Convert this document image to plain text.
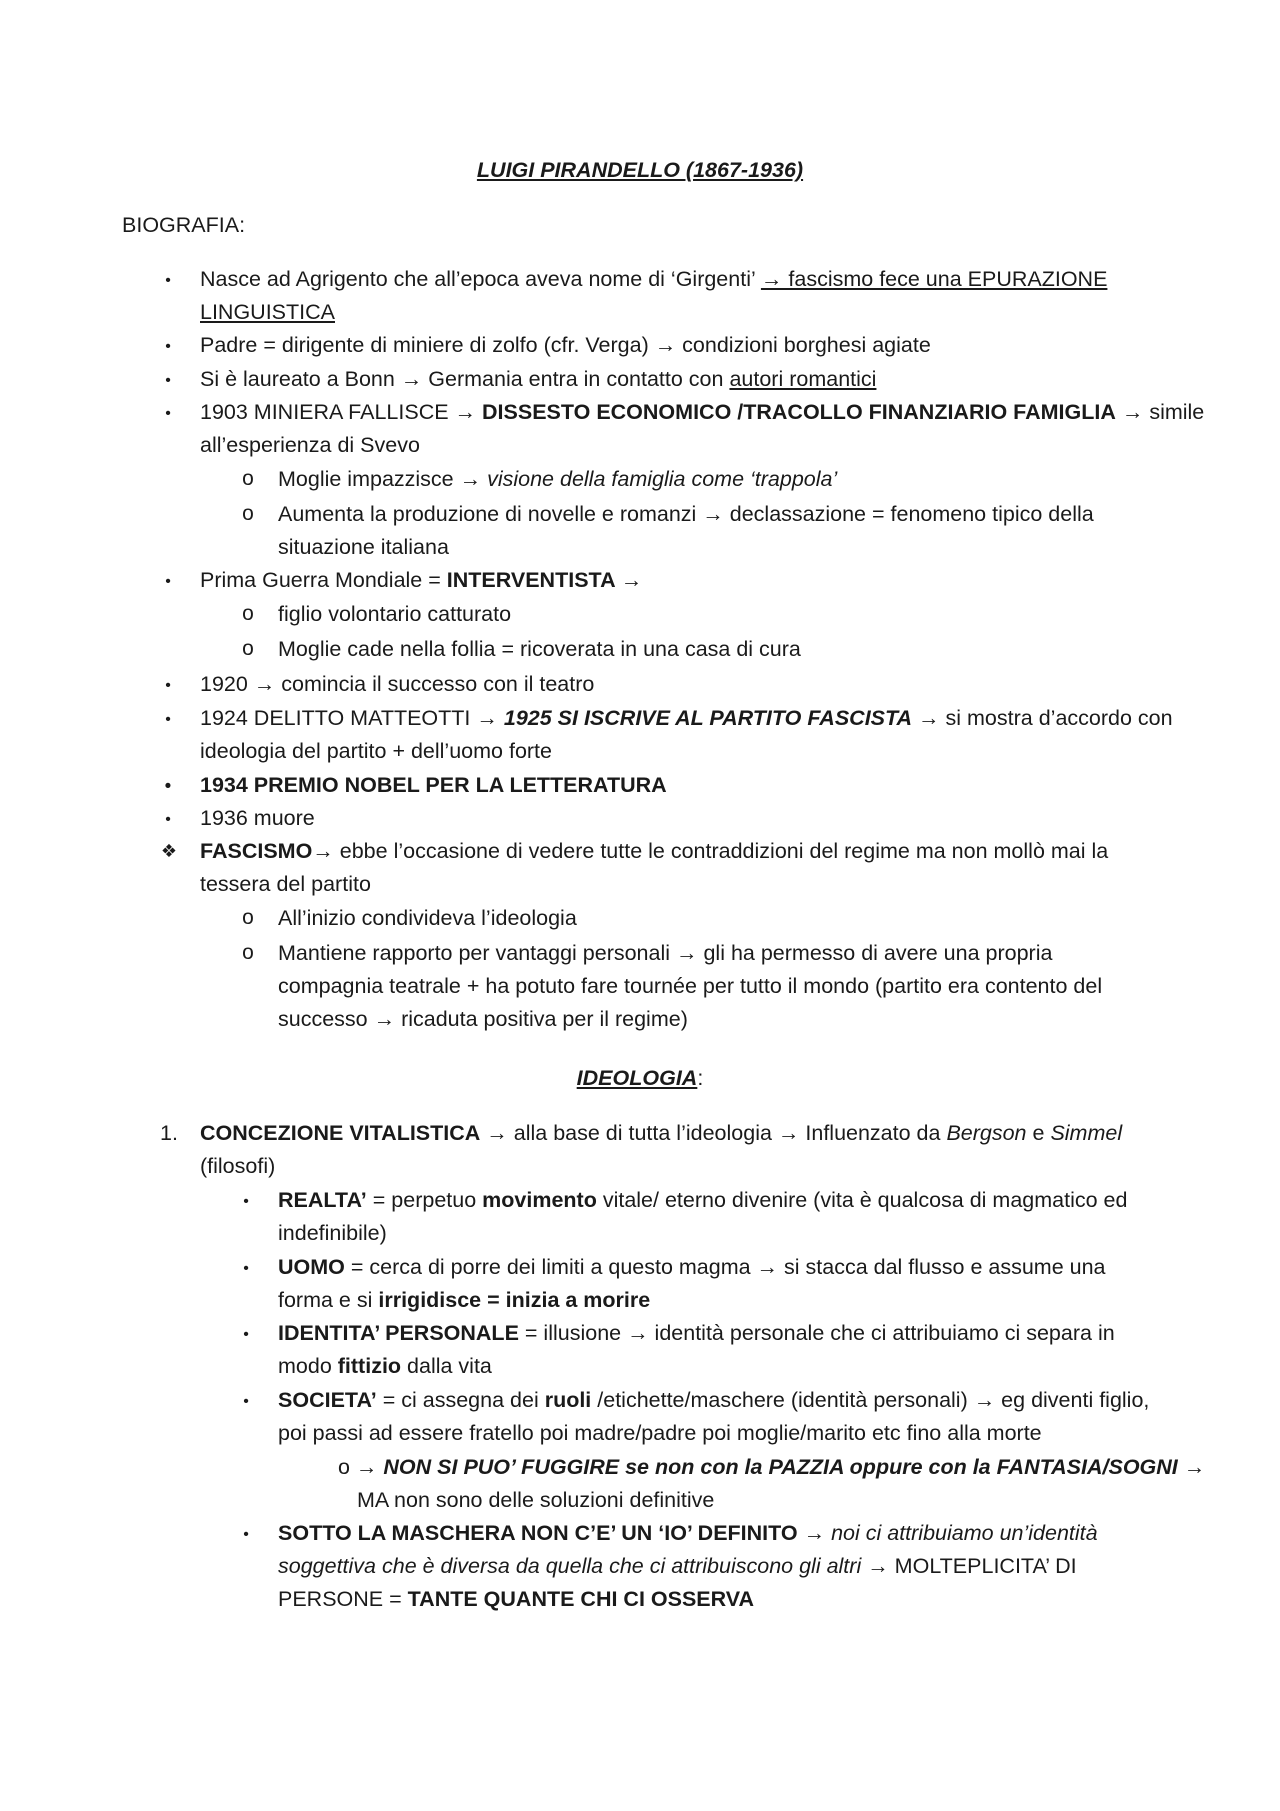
LUIGI PIRANDELLO (1867-1936)
BIOGRAFIA:
•	Nasce ad Agrigento che all’epoca aveva nome di ‘Girgenti’ → fascismo fece una EPURAZIONE
LINGUISTICA
•	Padre = dirigente di miniere di zolfo (cfr. Verga) → condizioni borghesi agiate
•	Si è laureato a Bonn → Germania entra in contatto con autori romantici
•	1903 MINIERA FALLISCE → DISSESTO ECONOMICO /TRACOLLO FINANZIARIO FAMIGLIA → simile
all’esperienza di Svevo
o Moglie impazzisce → visione della famiglia come ‘trappola’
o Aumenta la produzione di novelle e romanzi → declassazione = fenomeno tipico della
situazione italiana
•	Prima Guerra Mondiale = INTERVENTISTA →
o figlio volontario catturato
o Moglie cade nella follia = ricoverata in una casa di cura
•	1920 → comincia il successo con il teatro
•	1924 DELITTO MATTEOTTI → 1925 SI ISCRIVE AL PARTITO FASCISTA → si mostra d’accordo con
ideologia del partito + dell’uomo forte
•	1934 PREMIO NOBEL PER LA LETTERATURA
•	1936 muore
❖ FASCISMO→ ebbe l’occasione di vedere tutte le contraddizioni del regime ma non mollò mai la
tessera del partito
o All’inizio condivideva l’ideologia
o Mantiene rapporto per vantaggi personali → gli ha permesso di avere una propria
compagnia teatrale + ha potuto fare tournée per tutto il mondo (partito era contento del
successo → ricaduta positiva per il regime)
IDEOLOGIA:
1. CONCEZIONE VITALISTICA → alla base di tutta l’ideologia → Influenzato da Bergson e Simmel
(filosofi)
•	REALTA’ = perpetuo movimento vitale/ eterno divenire (vita è qualcosa di magmatico ed
indefinibile)
•	UOMO = cerca di porre dei limiti a questo magma → si stacca dal flusso e assume una
forma e si irrigidisce = inizia a morire
•	IDENTITA’ PERSONALE = illusione → identità personale che ci attribuiamo ci separa in
modo fittizio dalla vita
•	SOCIETA’ = ci assegna dei ruoli /etichette/maschere (identità personali) → eg diventi figlio,
poi passi ad essere fratello poi madre/padre poi moglie/marito etc fino alla morte
o → NON SI PUO’ FUGGIRE se non con la PAZZIA oppure con la FANTASIA/SOGNI →
MA non sono delle soluzioni definitive
•	SOTTO LA MASCHERA NON C’E’ UN ‘IO’ DEFINITO → noi ci attribuiamo un’identità
soggettiva che è diversa da quella che ci attribuiscono gli altri → MOLTEPLICITA’ DI
PERSONE = TANTE QUANTE CHI CI OSSERVA
